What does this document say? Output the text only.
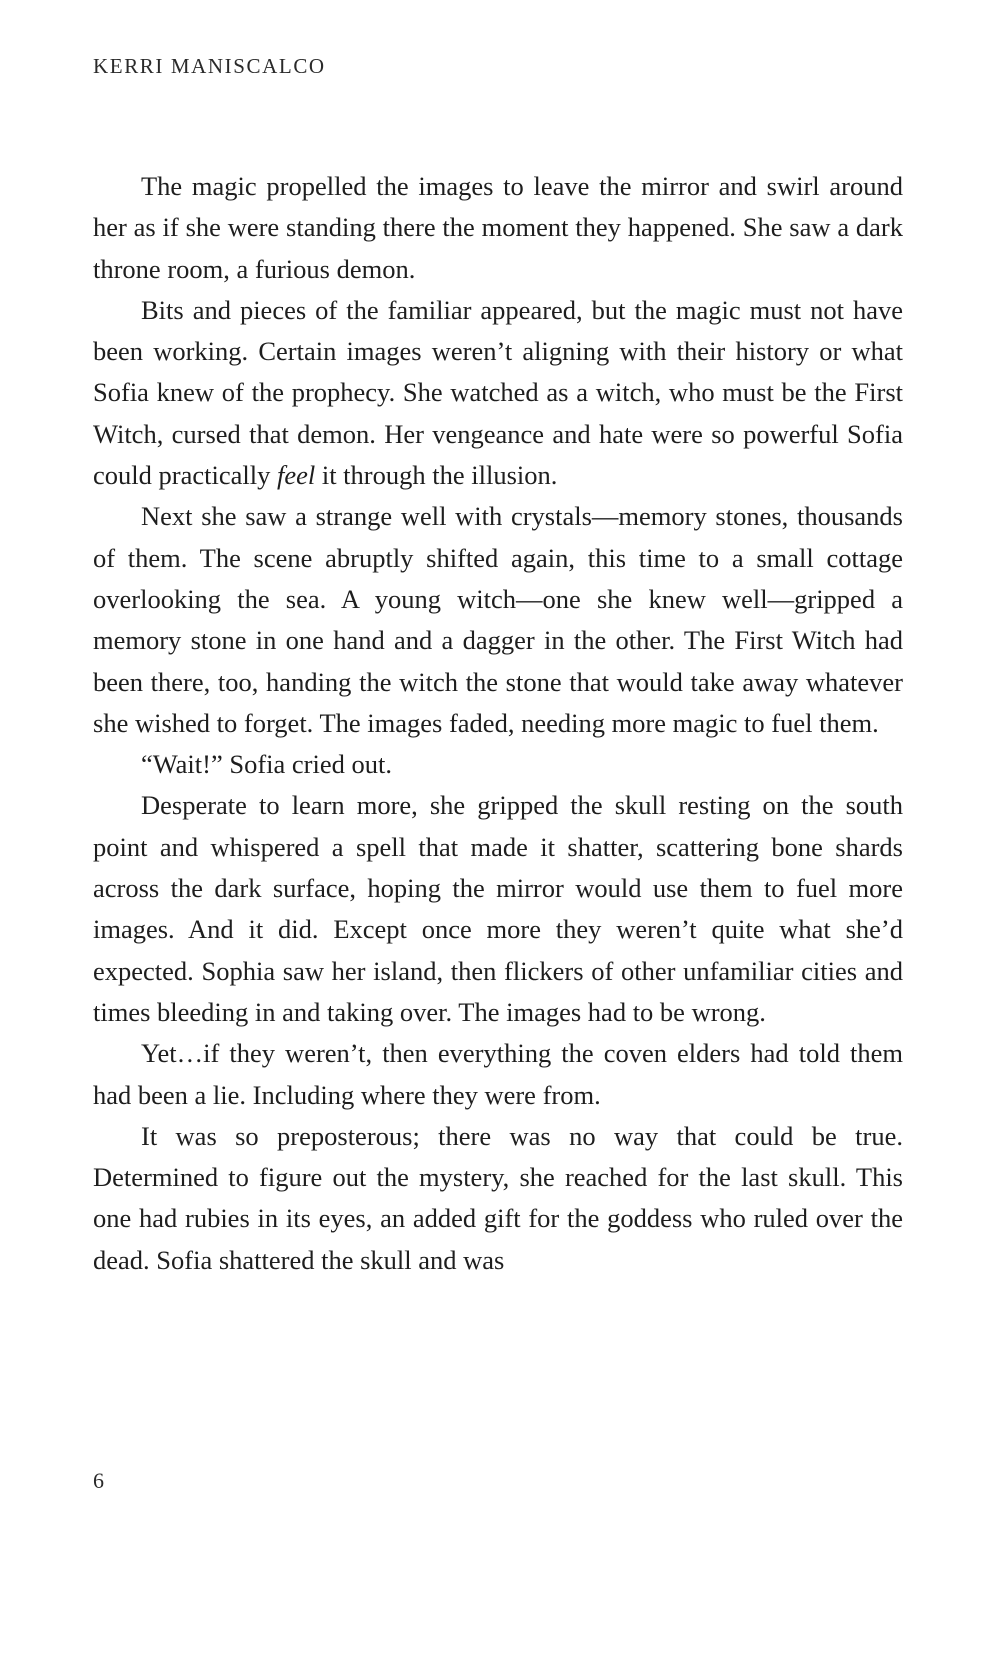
KERRI MANISCALCO

The magic propelled the images to leave the mirror and swirl around her as if she were standing there the moment they happened. She saw a dark throne room, a furious demon.

Bits and pieces of the familiar appeared, but the magic must not have been working. Certain images weren’t aligning with their history or what Sofia knew of the prophecy. She watched as a witch, who must be the First Witch, cursed that demon. Her vengeance and hate were so powerful Sofia could practically feel it through the illusion.

Next she saw a strange well with crystals—memory stones, thousands of them. The scene abruptly shifted again, this time to a small cottage overlooking the sea. A young witch—one she knew well—gripped a memory stone in one hand and a dagger in the other. The First Witch had been there, too, handing the witch the stone that would take away whatever she wished to forget. The images faded, needing more magic to fuel them.

“Wait!” Sofia cried out.

Desperate to learn more, she gripped the skull resting on the south point and whispered a spell that made it shatter, scattering bone shards across the dark surface, hoping the mirror would use them to fuel more images. And it did. Except once more they weren’t quite what she’d expected. Sophia saw her island, then flickers of other unfamiliar cities and times bleeding in and taking over. The images had to be wrong.

Yet…if they weren’t, then everything the coven elders had told them had been a lie. Including where they were from.

It was so preposterous; there was no way that could be true. Determined to figure out the mystery, she reached for the last skull. This one had rubies in its eyes, an added gift for the goddess who ruled over the dead. Sofia shattered the skull and was

6
